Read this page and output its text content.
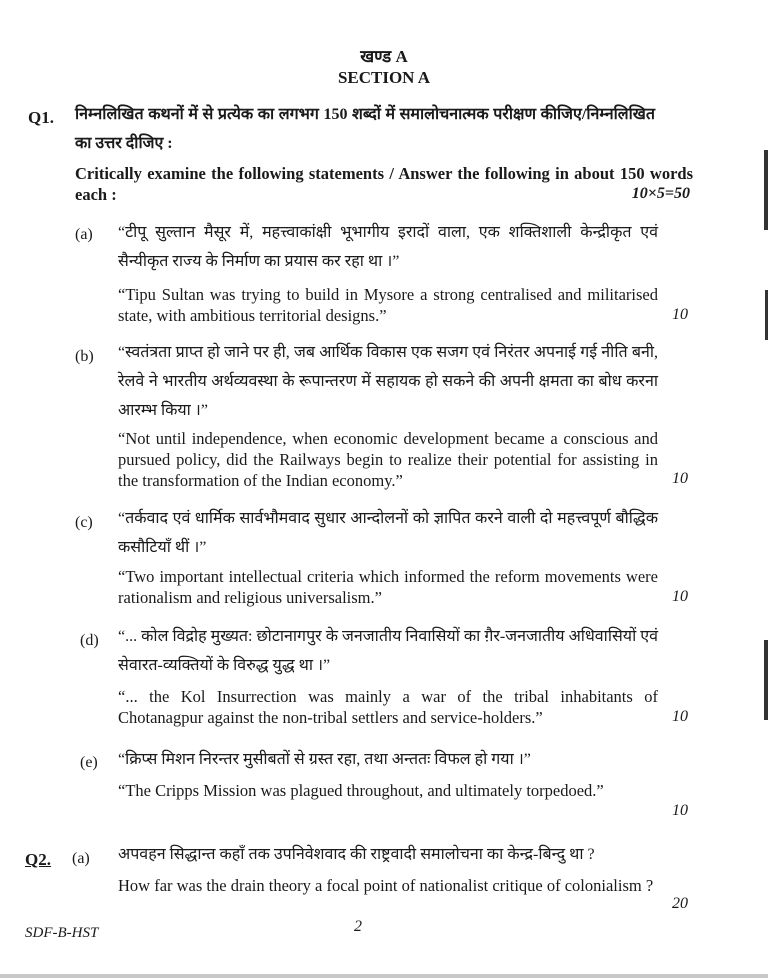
खण्ड A
SECTION A
Q1. निम्नलिखित कथनों में से प्रत्येक का लगभग 150 शब्दों में समालोचनात्मक परीक्षण कीजिए/निम्नलिखित का उत्तर दीजिए :
Critically examine the following statements / Answer the following in about 150 words each :	10×5=50
(a) “टीपू सुल्तान मैसूर में, महत्त्वाकांक्षी भूभागीय इरादों वाला, एक शक्तिशाली केन्द्रीकृत एवं सैन्यीकृत राज्य के निर्माण का प्रयास कर रहा था ।”
“Tipu Sultan was trying to build in Mysore a strong centralised and militarised state, with ambitious territorial designs.”	10
(b) “स्वतंत्रता प्राप्त हो जाने पर ही, जब आर्थिक विकास एक सजग एवं निरंतर अपनाई गई नीति बनी, रेलवे ने भारतीय अर्थव्यवस्था के रूपान्तरण में सहायक हो सकने की अपनी क्षमता का बोध करना आरम्भ किया ।”
“Not until independence, when economic development became a conscious and pursued policy, did the Railways begin to realize their potential for assisting in the transformation of the Indian economy.”	10
(c) “तर्कवाद एवं धार्मिक सार्वभौमवाद सुधार आन्दोलनों को ज्ञापित करने वाली दो महत्त्वपूर्ण बौद्धिक कसौटियाँ थीं ।”
“Two important intellectual criteria which informed the reform movements were rationalism and religious universalism.”	10
(d) “... कोल विद्रोह मुख्यत: छोटानागपुर के जनजातीय निवासियों का ग़ैर-जनजातीय अधिवासियों एवं सेवारत-व्यक्तियों के विरुद्ध युद्ध था ।”
“... the Kol Insurrection was mainly a war of the tribal inhabitants of Chotanagpur against the non-tribal settlers and service-holders.”	10
(e) “क्रिप्स मिशन निरन्तर मुसीबतों से ग्रस्त रहा, तथा अन्ततः विफल हो गया ।”
“The Cripps Mission was plagued throughout, and ultimately torpedoed.”
10
Q2. (a) अपवहन सिद्धान्त कहाँ तक उपनिवेशवाद की राष्ट्रवादी समालोचना का केन्द्र-बिन्दु था ?
How far was the drain theory a focal point of nationalist critique of colonialism ?
20
SDF-B-HST	2
